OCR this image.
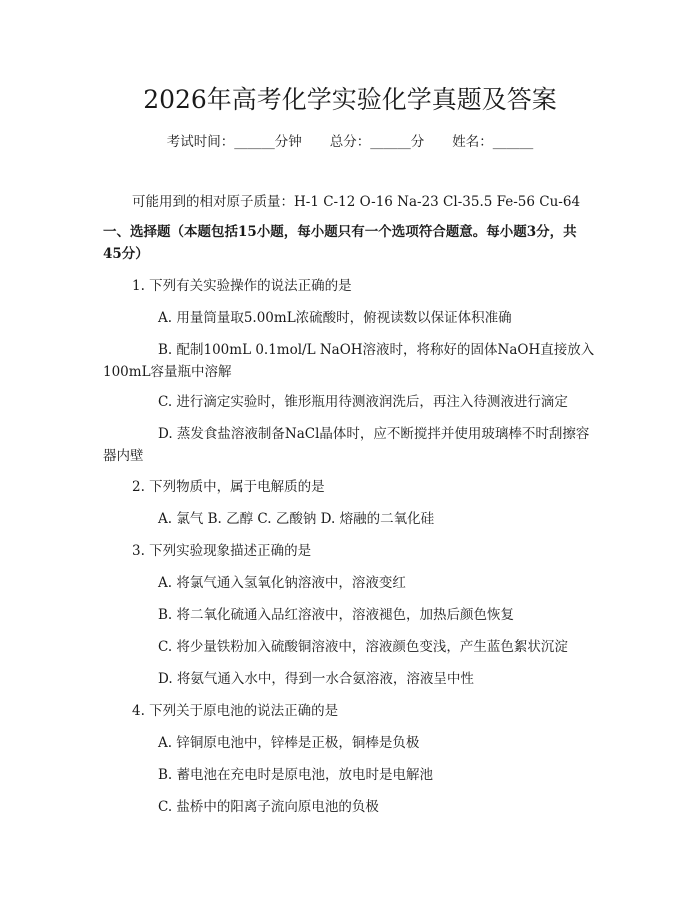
2026年高考化学实验化学真题及答案
考试时间：______分钟 总分：______分 姓名：______
可能用到的相对原子质量：H-1 C-12 O-16 Na-23 Cl-35.5 Fe-56 Cu-64
一、选择题（本题包括15小题，每小题只有一个选项符合题意。每小题3分，共
45分）
1. 下列有关实验操作的说法正确的是
A. 用量筒量取5.00mL浓硫酸时，俯视读数以保证体积准确
B. 配制100mL 0.1mol/L NaOH溶液时，将称好的固体NaOH直接放入
100mL容量瓶中溶解
C. 进行滴定实验时，锥形瓶用待测液润洗后，再注入待测液进行滴定
D. 蒸发食盐溶液制备NaCl晶体时，应不断搅拌并使用玻璃棒不时刮擦容
器内壁
2. 下列物质中，属于电解质的是
A. 氯气 B. 乙醇 C. 乙酸钠 D. 熔融的二氧化硅
3. 下列实验现象描述正确的是
A. 将氯气通入氢氧化钠溶液中，溶液变红
B. 将二氧化硫通入品红溶液中，溶液褪色，加热后颜色恢复
C. 将少量铁粉加入硫酸铜溶液中，溶液颜色变浅，产生蓝色絮状沉淀
D. 将氨气通入水中，得到一水合氨溶液，溶液呈中性
4. 下列关于原电池的说法正确的是
A. 锌铜原电池中，锌棒是正极，铜棒是负极
B. 蓄电池在充电时是原电池，放电时是电解池
C. 盐桥中的阳离子流向原电池的负极
